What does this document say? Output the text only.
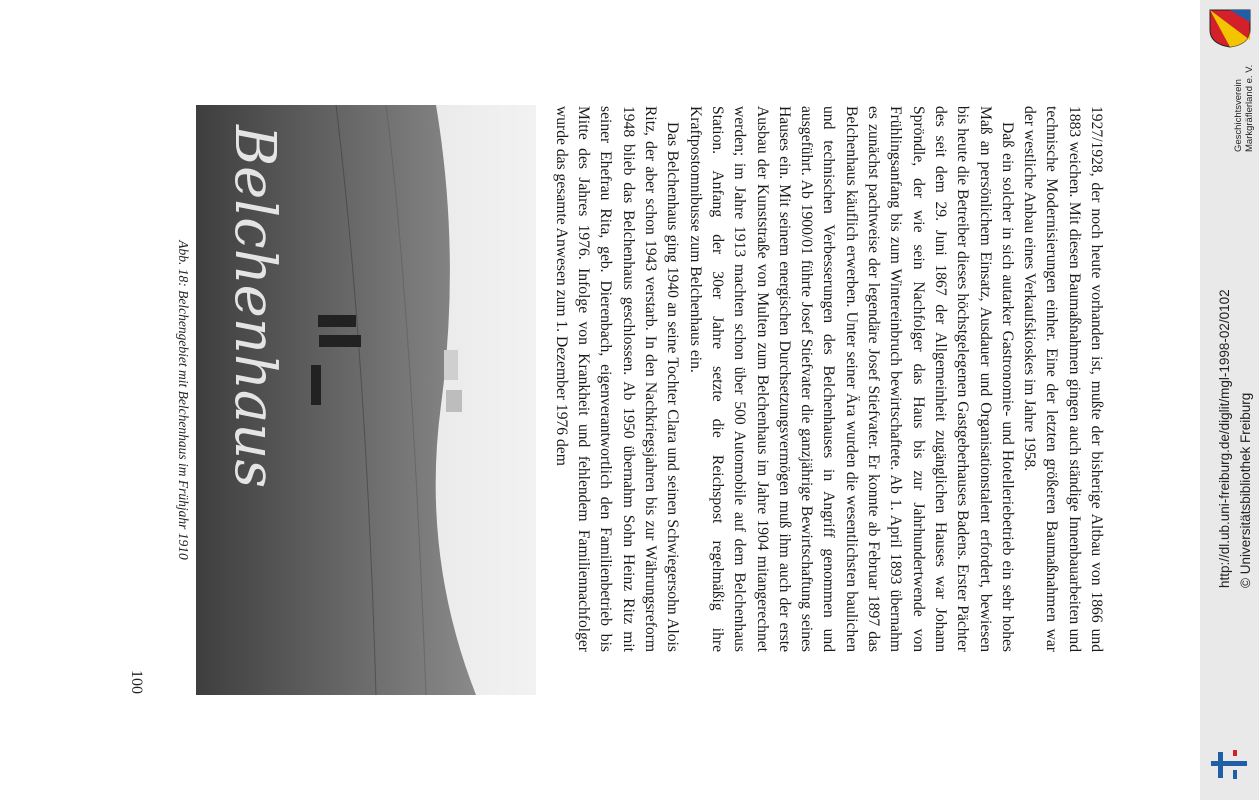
1927/1928, der noch heute vorhanden ist, mußte der bisherige Altbau von 1866 und 1883 weichen. Mit diesen Baumaßnahmen gingen auch ständige Innenbauarbeiten und technische Modernisierungen einher. Eine der letzten größeren Baumaßnahmen war der westliche Anbau eines Verkaufskioskes im Jahre 1958.

Daß ein solcher in sich autarker Gastronomie- und Hotelleriebetrieb ein sehr hohes Maß an persönlichem Einsatz, Ausdauer und Organisationstalent erfordert, bewiesen bis heute die Betreiber dieses höchstgelegenen Gastgeberhauses Badens. Erster Pächter des seit dem 29. Juni 1867 der Allgemeinheit zugänglichen Hauses war Johann Spröndle, der wie sein Nachfolger das Haus bis zur Jahrhundertwende von Frühlingsanfang bis zum Wintereinbruch bewirtschaftete. Ab 1. April 1893 übernahm es zunächst pachtweise der legendäre Josef Stiefvater. Er konnte ab Februar 1897 das Belchenhaus käuflich erwerben. Unter seiner Ära wurden die wesentlichsten baulichen und technischen Verbesserungen des Belchenhauses in Angriff genommen und ausgeführt. Ab 1900/01 führte Josef Stiefvater die ganzjährige Bewirtschaftung seines Hauses ein. Mit seinem energischen Durchsetzungsvermögen muß ihm auch der erste Ausbau der Kunststraße von Multen zum Belchenhaus im Jahre 1904 mitangerechnet werden; im Jahre 1913 machten schon über 500 Automobile auf dem Belchenhaus Station. Anfang der 30er Jahre setzte die Reichspost regelmäßig ihre Kraftpostomnibusse zum Belchenhaus ein.

Das Belchenhaus ging 1940 an seine Tochter Clara und seinen Schwiegersohn Alois Ritz, der aber schon 1943 verstarb. In den Nachkriegsjahren bis zur Währungsreform 1948 blieb das Belchenhaus geschlossen. Ab 1950 übernahm Sohn Heinz Ritz mit seiner Ehefrau Rita, geb. Dierenbach, eigenverantwortlich den Familienbetrieb bis Mitte des Jahres 1976. Infolge von Krankheit und fehlendem Familiennachfolger wurde das gesamte Anwesen zum 1. Dezember 1976 dem

Belchenhaus
Abb. 18: Belchengebiet mit Belchenhaus im Frühjahr 1910
100
Geschichtsverein Markgräflerland e. V.
http://dl.ub.uni-freiburg.de/diglit/mgl-1998-02/0102 © Universitätsbibliothek Freiburg
